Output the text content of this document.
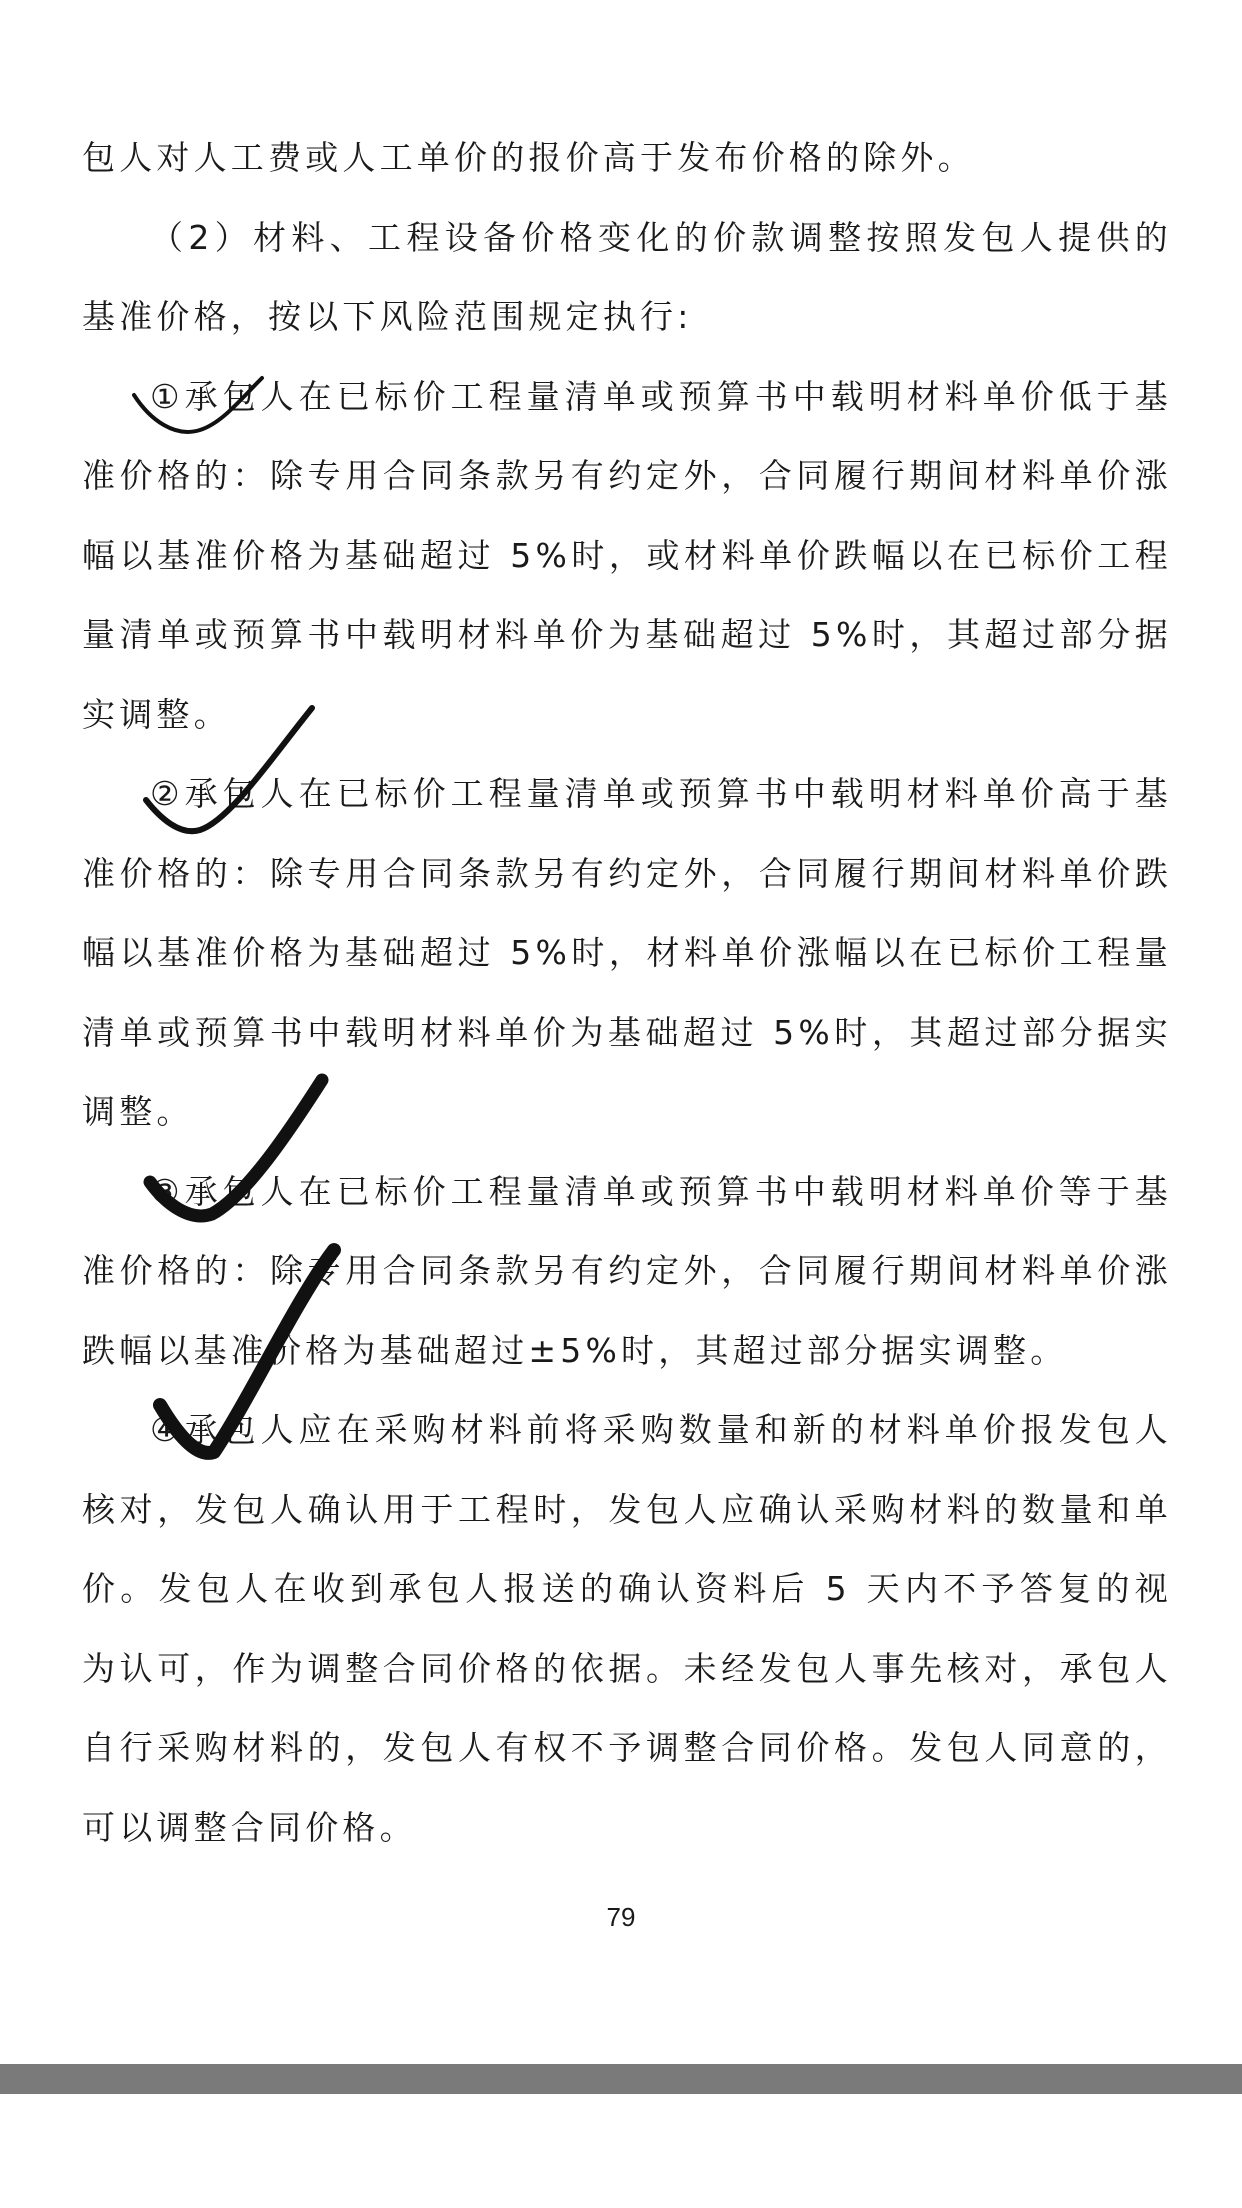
包人对人工费或人工单价的报价高于发布价格的除外。

（2）材料、工程设备价格变化的价款调整按照发包人提供的基准价格，按以下风险范围规定执行:

①承包人在已标价工程量清单或预算书中载明材料单价低于基准价格的：除专用合同条款另有约定外，合同履行期间材料单价涨幅以基准价格为基础超过 5%时，或材料单价跌幅以在已标价工程量清单或预算书中载明材料单价为基础超过 5%时，其超过部分据实调整。

②承包人在已标价工程量清单或预算书中载明材料单价高于基准价格的：除专用合同条款另有约定外，合同履行期间材料单价跌幅以基准价格为基础超过 5%时，材料单价涨幅以在已标价工程量清单或预算书中载明材料单价为基础超过 5%时，其超过部分据实调整。

③承包人在已标价工程量清单或预算书中载明材料单价等于基准价格的：除专用合同条款另有约定外，合同履行期间材料单价涨跌幅以基准价格为基础超过±5%时，其超过部分据实调整。

④承包人应在采购材料前将采购数量和新的材料单价报发包人核对，发包人确认用于工程时，发包人应确认采购材料的数量和单价。发包人在收到承包人报送的确认资料后 5 天内不予答复的视为认可，作为调整合同价格的依据。未经发包人事先核对，承包人自行采购材料的，发包人有权不予调整合同价格。发包人同意的，可以调整合同价格。

79
